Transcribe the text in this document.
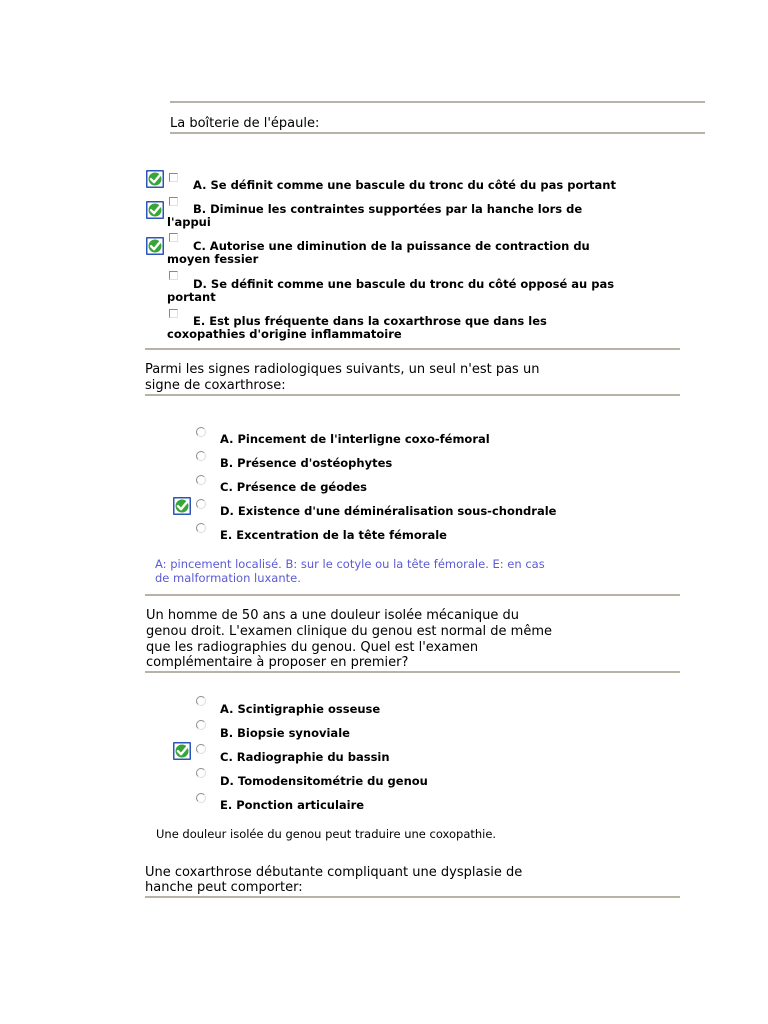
La boîterie de l'épaule:
A. Se définit comme une bascule du tronc du côté du pas portant
B. Diminue les contraintes supportées par la hanche lors de
l'appui
C. Autorise une diminution de la puissance de contraction du
moyen fessier
D. Se définit comme une bascule du tronc du côté opposé au pas
portant
E. Est plus fréquente dans la coxarthrose que dans les
coxopathies d'origine inflammatoire
Parmi les signes radiologiques suivants, un seul n'est pas un
signe de coxarthrose:
A. Pincement de l'interligne coxo-fémoral
B. Présence d'ostéophytes
C. Présence de géodes
D. Existence d'une déminéralisation sous-chondrale
E. Excentration de la tête fémorale
A: pincement localisé. B: sur le cotyle ou la tête fémorale. E: en cas
de malformation luxante.
Un homme de 50 ans a une douleur isolée mécanique du
genou droit. L'examen clinique du genou est normal de même
que les radiographies du genou. Quel est l'examen
complémentaire à proposer en premier?
A. Scintigraphie osseuse
B. Biopsie synoviale
C. Radiographie du bassin
D. Tomodensitométrie du genou
E. Ponction articulaire
Une douleur isolée du genou peut traduire une coxopathie.
Une coxarthrose débutante compliquant une dysplasie de
hanche peut comporter:
